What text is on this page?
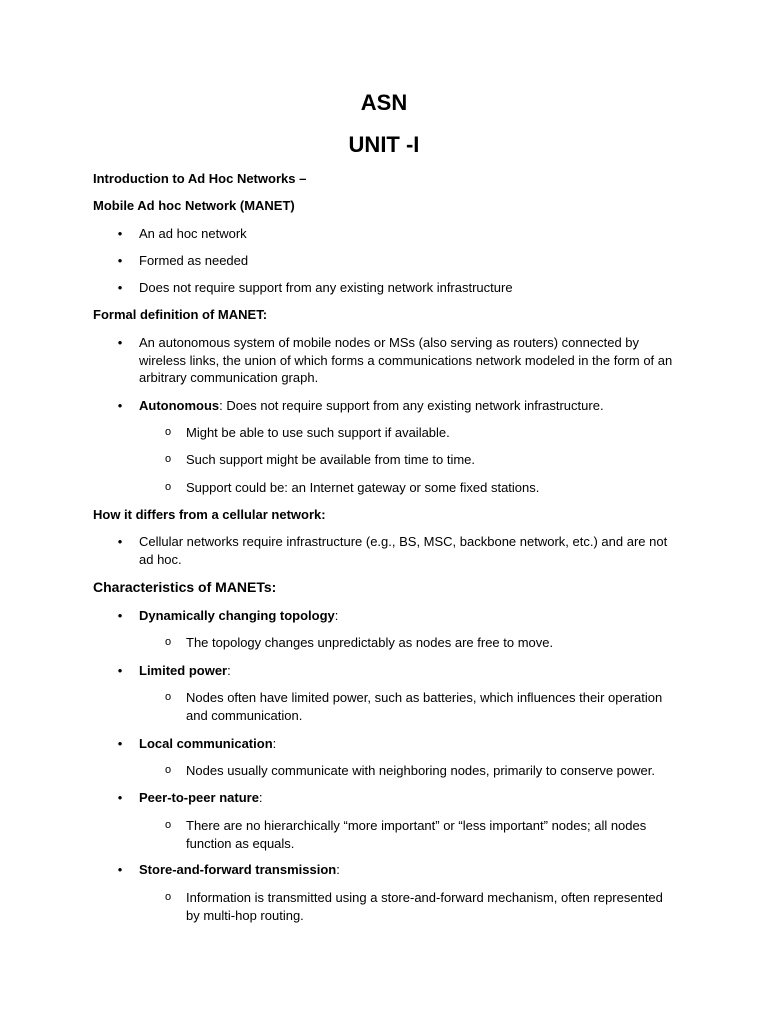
ASN
UNIT -I
Introduction to Ad Hoc Networks –
Mobile Ad hoc Network (MANET)
• An ad hoc network
• Formed as needed
• Does not require support from any existing network infrastructure
Formal definition of MANET:
• An autonomous system of mobile nodes or MSs (also serving as routers) connected by wireless links, the union of which forms a communications network modeled in the form of an arbitrary communication graph.
• Autonomous: Does not require support from any existing network infrastructure.
o Might be able to use such support if available.
o Such support might be available from time to time.
o Support could be: an Internet gateway or some fixed stations.
How it differs from a cellular network:
• Cellular networks require infrastructure (e.g., BS, MSC, backbone network, etc.) and are not ad hoc.
Characteristics of MANETs:
• Dynamically changing topology:
o The topology changes unpredictably as nodes are free to move.
• Limited power:
o Nodes often have limited power, such as batteries, which influences their operation and communication.
• Local communication:
o Nodes usually communicate with neighboring nodes, primarily to conserve power.
• Peer-to-peer nature:
o There are no hierarchically “more important” or “less important” nodes; all nodes function as equals.
• Store-and-forward transmission:
o Information is transmitted using a store-and-forward mechanism, often represented by multi-hop routing.
